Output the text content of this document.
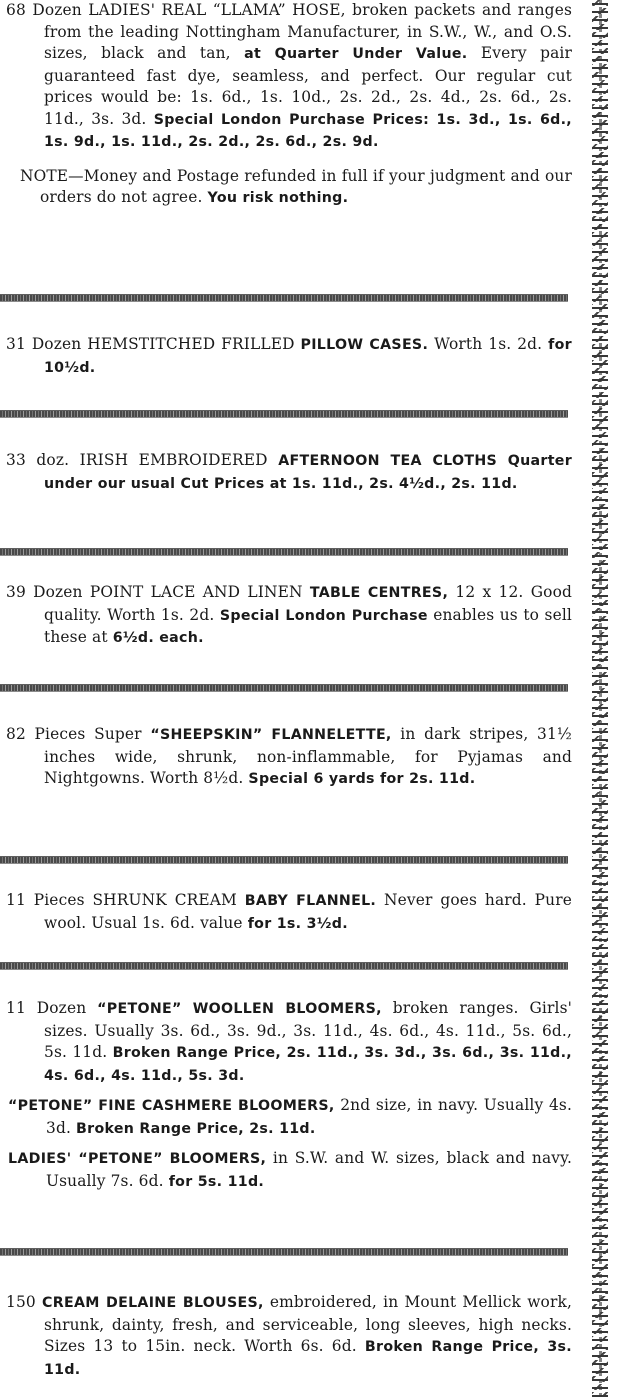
68 Dozen LADIES' REAL “LLAMA” HOSE, broken packets and ranges from the leading Nottingham Manufacturer, in S.W., W., and O.S. sizes, black and tan, at Quarter Under Value. Every pair guaranteed fast dye, seamless, and perfect. Our regular cut prices would be: 1s. 6d., 1s. 10d., 2s. 2d., 2s. 4d., 2s. 6d., 2s. 11d., 3s. 3d. Special London Purchase Prices: 1s. 3d., 1s. 6d., 1s. 9d., 1s. 11d., 2s. 2d., 2s. 6d., 2s. 9d.

NOTE—Money and Postage refunded in full if your judgment and our orders do not agree. You risk nothing.

31 Dozen HEMSTITCHED FRILLED PILLOW CASES. Worth 1s. 2d. for 10½d.

33 doz. IRISH EMBROIDERED AFTERNOON TEA CLOTHS Quarter under our usual Cut Prices at 1s. 11d., 2s. 4½d., 2s. 11d.

39 Dozen POINT LACE AND LINEN TABLE CENTRES, 12 x 12. Good quality. Worth 1s. 2d. Special London Purchase enables us to sell these at 6½d. each.

82 Pieces Super “SHEEPSKIN” FLANNELETTE, in dark stripes, 31½ inches wide, shrunk, non-inflammable, for Pyjamas and Nightgowns. Worth 8½d. Special 6 yards for 2s. 11d.

11 Pieces SHRUNK CREAM BABY FLANNEL. Never goes hard. Pure wool. Usual 1s. 6d. value for 1s. 3½d.

11 Dozen “PETONE” WOOLLEN BLOOMERS, broken ranges. Girls' sizes. Usually 3s. 6d., 3s. 9d., 3s. 11d., 4s. 6d., 4s. 11d., 5s. 6d., 5s. 11d. Broken Range Price, 2s. 11d., 3s. 3d., 3s. 6d., 3s. 11d., 4s. 6d., 4s. 11d., 5s. 3d.

“PETONE” FINE CASHMERE BLOOMERS, 2nd size, in navy. Usually 4s. 3d. Broken Range Price, 2s. 11d.

LADIES' “PETONE” BLOOMERS, in S.W. and W. sizes, black and navy. Usually 7s. 6d. for 5s. 11d.

150 CREAM DELAINE BLOUSES, embroidered, in Mount Mellick work, shrunk, dainty, fresh, and serviceable, long sleeves, high necks. Sizes 13 to 15in. neck. Worth 6s. 6d. Broken Range Price, 3s. 11d.
